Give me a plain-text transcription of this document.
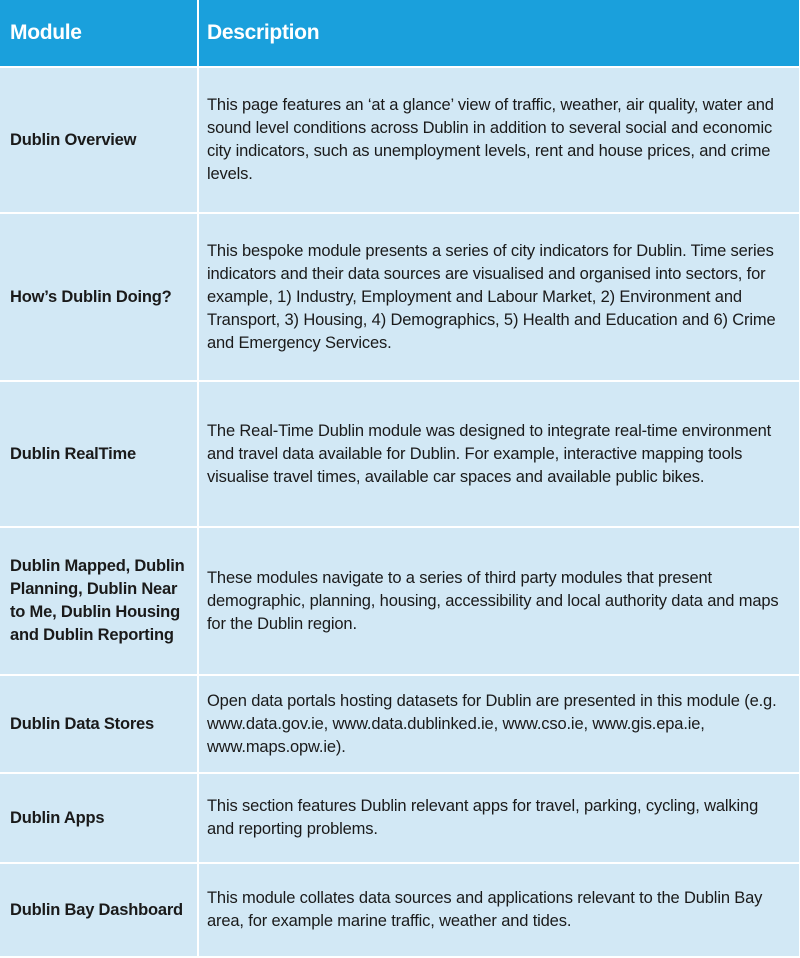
Module	Description
Dublin Overview	This page features an ‘at a glance’ view of traffic, weather, air quality, water and sound level conditions across Dublin in addition to several social and economic city indicators, such as unemployment levels, rent and house prices, and crime levels.
How’s Dublin Doing?	This bespoke module presents a series of city indicators for Dublin. Time series indicators and their data sources are visualised and organised into sectors, for example, 1) Industry, Employment and Labour Market, 2) Environment and Transport, 3) Housing, 4) Demographics, 5) Health and Education and 6) Crime and Emergency Services.
Dublin RealTime	The Real-Time Dublin module was designed to integrate real-time environment and travel data available for Dublin. For example, interactive mapping tools visualise travel times, available car spaces and available public bikes.
Dublin Mapped, Dublin Planning, Dublin Near to Me, Dublin Housing and Dublin Reporting	These modules navigate to a series of third party modules that present demographic, planning, housing, accessibility and local authority data and maps for the Dublin region.
Dublin Data Stores	Open data portals hosting datasets for Dublin are presented in this module (e.g. www.data.gov.ie, www.data.dublinked.ie, www.cso.ie, www.gis.epa.ie, www.maps.opw.ie).
Dublin Apps	This section features Dublin relevant apps for travel, parking, cycling, walking and reporting problems.
Dublin Bay Dashboard	This module collates data sources and applications relevant to the Dublin Bay area, for example marine traffic, weather and tides.
